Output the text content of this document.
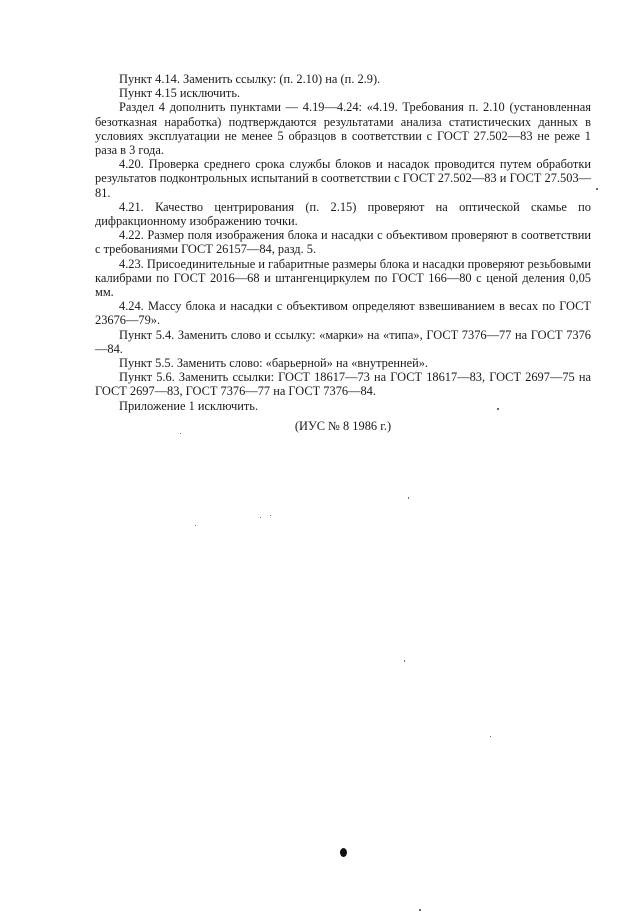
Пункт 4.14. Заменить ссылку: (п. 2.10) на (п. 2.9).

Пункт 4.15 исключить.

Раздел 4 дополнить пунктами — 4.19—4.24: «4.19. Требования п. 2.10 (установленная безотказная наработка) подтверждаются результатами анализа статистических данных в условиях эксплуатации не менее 5 образцов в соответствии с ГОСТ 27.502—83 не реже 1 раза в 3 года.

4.20. Проверка среднего срока службы блоков и насадок проводится путем обработки результатов подконтрольных испытаний в соответствии с ГОСТ 27.502—83 и ГОСТ 27.503—81.

4.21. Качество центрирования (п. 2.15) проверяют на оптической скамье по дифракционному изображению точки.

4.22. Размер поля изображения блока и насадки с объективом проверяют в соответствии с требованиями ГОСТ 26157—84, разд. 5.

4.23. Присоединительные и габаритные размеры блока и насадки проверяют резьбовыми калибрами по ГОСТ 2016—68 и штангенциркулем по ГОСТ 166—80 с ценой деления 0,05 мм.

4.24. Массу блока и насадки с объективом определяют взвешиванием в весах по ГОСТ 23676—79».

Пункт 5.4. Заменить слово и ссылку: «марки» на «типа», ГОСТ 7376—77 на ГОСТ 7376—84.

Пункт 5.5. Заменить слово: «барьерной» на «внутренней».

Пункт 5.6. Заменить ссылки: ГОСТ 18617—73 на ГОСТ 18617—83, ГОСТ 2697—75 на ГОСТ 2697—83, ГОСТ 7376—77 на ГОСТ 7376—84.

Приложение 1 исключить.

(ИУС № 8 1986 г.)
